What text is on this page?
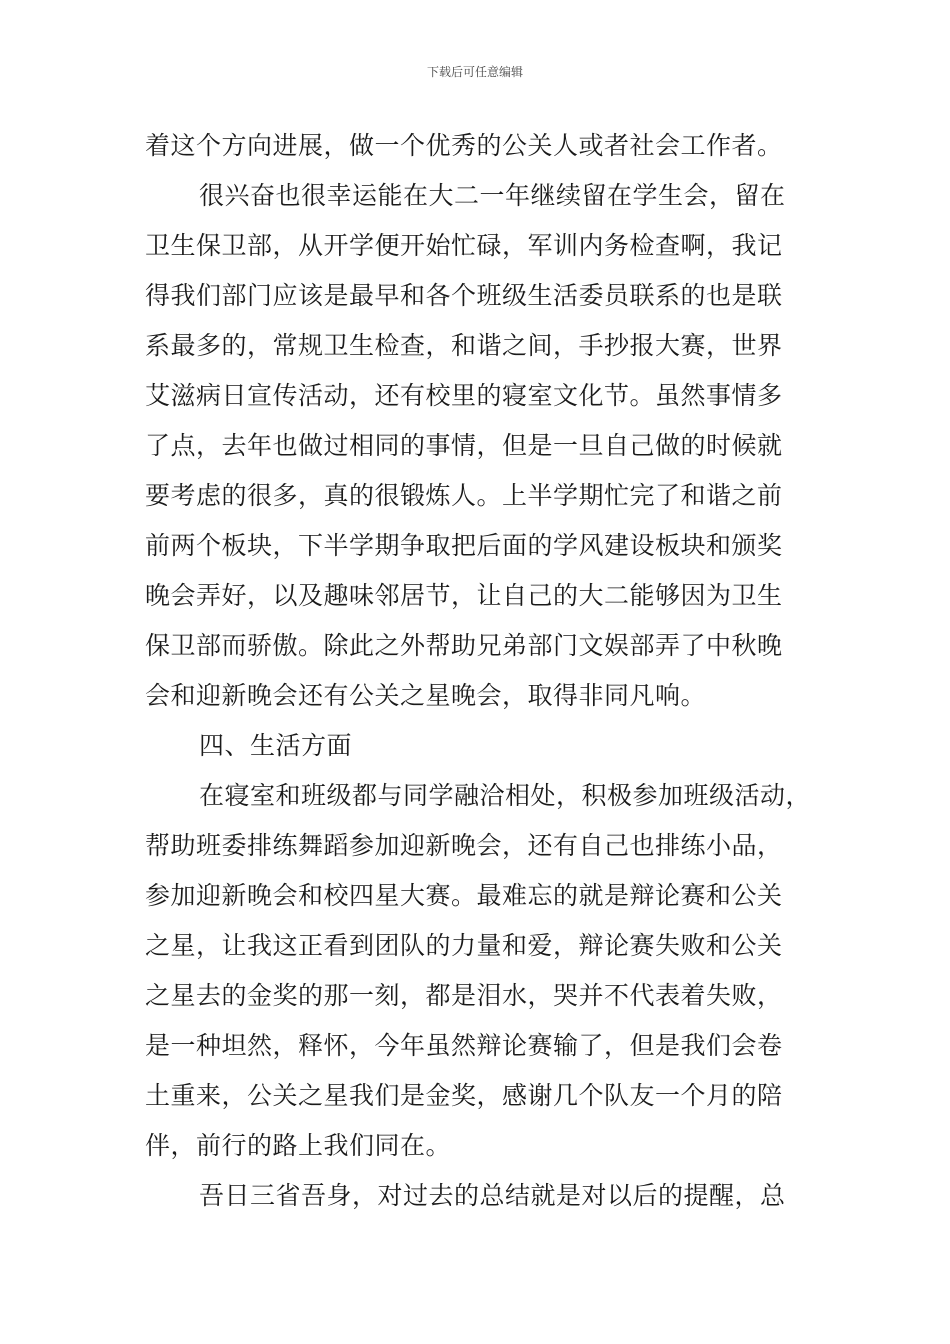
下载后可任意编辑
着这个方向进展，做一个优秀的公关人或者社会工作者。
很兴奋也很幸运能在大二一年继续留在学生会，留在
卫生保卫部，从开学便开始忙碌，军训内务检查啊，我记
得我们部门应该是最早和各个班级生活委员联系的也是联
系最多的，常规卫生检查，和谐之间，手抄报大赛，世界
艾滋病日宣传活动，还有校里的寝室文化节。虽然事情多
了点，去年也做过相同的事情，但是一旦自己做的时候就
要考虑的很多，真的很锻炼人。上半学期忙完了和谐之前
前两个板块，下半学期争取把后面的学风建设板块和颁奖
晚会弄好，以及趣味邻居节，让自己的大二能够因为卫生
保卫部而骄傲。除此之外帮助兄弟部门文娱部弄了中秋晚
会和迎新晚会还有公关之星晚会，取得非同凡响。
四、生活方面
在寝室和班级都与同学融洽相处，积极参加班级活动，
帮助班委排练舞蹈参加迎新晚会，还有自己也排练小品，
参加迎新晚会和校四星大赛。最难忘的就是辩论赛和公关
之星，让我这正看到团队的力量和爱，辩论赛失败和公关
之星去的金奖的那一刻，都是泪水，哭并不代表着失败，
是一种坦然，释怀，今年虽然辩论赛输了，但是我们会卷
土重来，公关之星我们是金奖，感谢几个队友一个月的陪
伴，前行的路上我们同在。
吾日三省吾身，对过去的总结就是对以后的提醒，总
